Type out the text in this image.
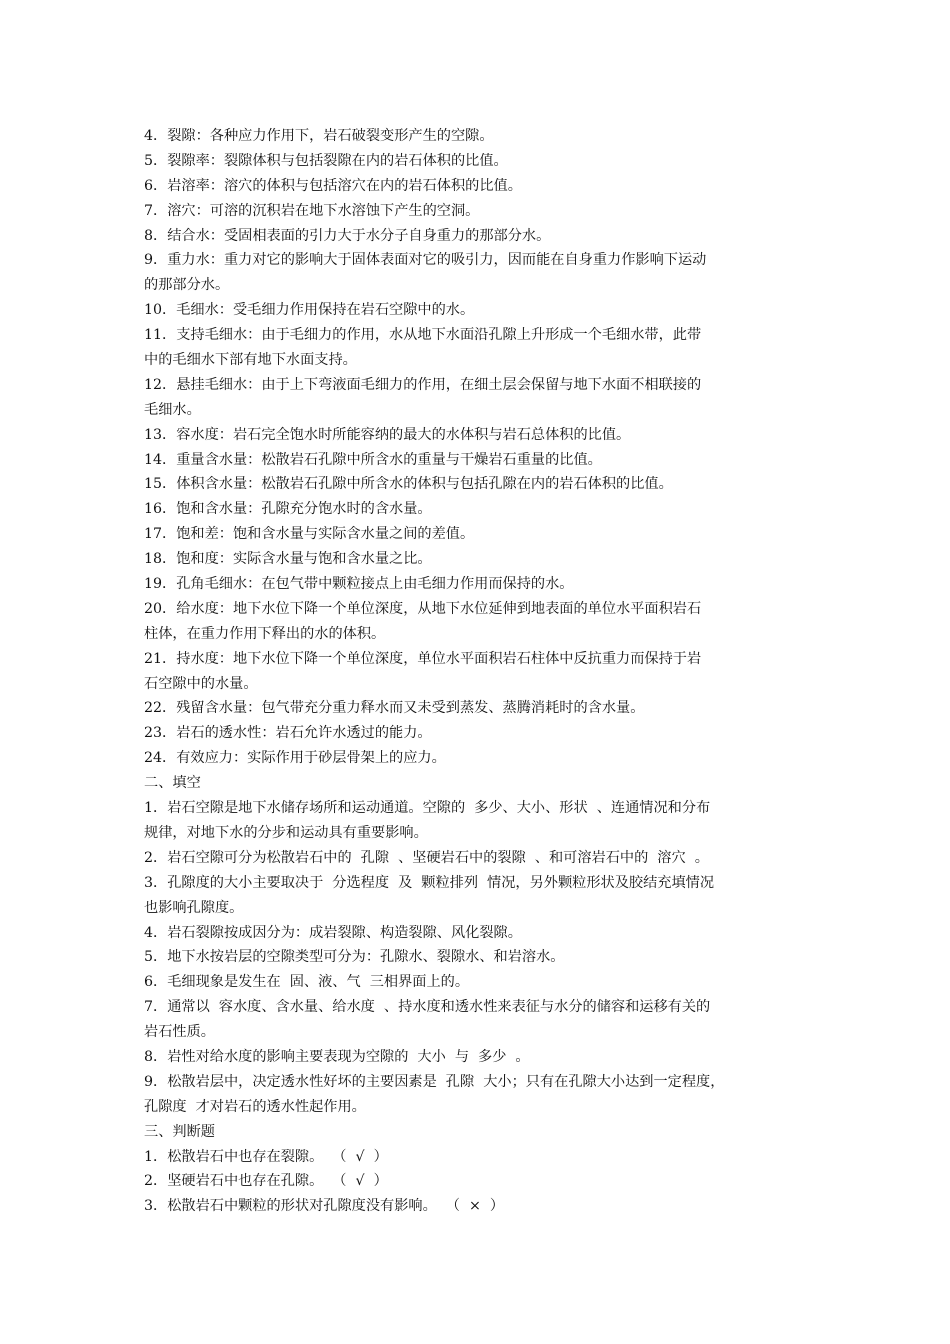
4．裂隙：各种应力作用下，岩石破裂变形产生的空隙。
5．裂隙率：裂隙体积与包括裂隙在内的岩石体积的比值。
6．岩溶率：溶穴的体积与包括溶穴在内的岩石体积的比值。
7．溶穴：可溶的沉积岩在地下水溶蚀下产生的空洞。
8．结合水：受固相表面的引力大于水分子自身重力的那部分水。
9．重力水：重力对它的影响大于固体表面对它的吸引力，因而能在自身重力作影响下运动
的那部分水。
10．毛细水：受毛细力作用保持在岩石空隙中的水。
11．支持毛细水：由于毛细力的作用，水从地下水面沿孔隙上升形成一个毛细水带，此带
中的毛细水下部有地下水面支持。
12．悬挂毛细水：由于上下弯液面毛细力的作用，在细土层会保留与地下水面不相联接的
毛细水。
13．容水度：岩石完全饱水时所能容纳的最大的水体积与岩石总体积的比值。
14．重量含水量：松散岩石孔隙中所含水的重量与干燥岩石重量的比值。
15．体积含水量：松散岩石孔隙中所含水的体积与包括孔隙在内的岩石体积的比值。
16．饱和含水量：孔隙充分饱水时的含水量。
17．饱和差：饱和含水量与实际含水量之间的差值。
18．饱和度：实际含水量与饱和含水量之比。
19．孔角毛细水：在包气带中颗粒接点上由毛细力作用而保持的水。
20．给水度：地下水位下降一个单位深度，从地下水位延伸到地表面的单位水平面积岩石
柱体，在重力作用下释出的水的体积。
21．持水度：地下水位下降一个单位深度，单位水平面积岩石柱体中反抗重力而保持于岩
石空隙中的水量。
22．残留含水量：包气带充分重力释水而又未受到蒸发、蒸腾消耗时的含水量。
23．岩石的透水性：岩石允许水透过的能力。
24．有效应力：实际作用于砂层骨架上的应力。
二、填空
1．岩石空隙是地下水储存场所和运动通道。空隙的  多少、大小、形状  、连通情况和分布
规律，对地下水的分步和运动具有重要影响。
2．岩石空隙可分为松散岩石中的  孔隙  、坚硬岩石中的裂隙  、和可溶岩石中的  溶穴  。
3．孔隙度的大小主要取决于  分选程度  及  颗粒排列  情况，另外颗粒形状及胶结充填情况
也影响孔隙度。
4．岩石裂隙按成因分为：成岩裂隙、构造裂隙、风化裂隙。
5．地下水按岩层的空隙类型可分为：孔隙水、裂隙水、和岩溶水。
6．毛细现象是发生在  固、液、气  三相界面上的。
7．通常以  容水度、含水量、给水度  、持水度和透水性来表征与水分的储容和运移有关的
岩石性质。
8．岩性对给水度的影响主要表现为空隙的  大小  与  多少  。
9．松散岩层中，决定透水性好坏的主要因素是  孔隙  大小；只有在孔隙大小达到一定程度，
孔隙度  才对岩石的透水性起作用。
三、判断题
1．松散岩石中也存在裂隙。  （  √  ）
2．坚硬岩石中也存在孔隙。  （  √  ）
3．松散岩石中颗粒的形状对孔隙度没有影响。  （  ×  ）
